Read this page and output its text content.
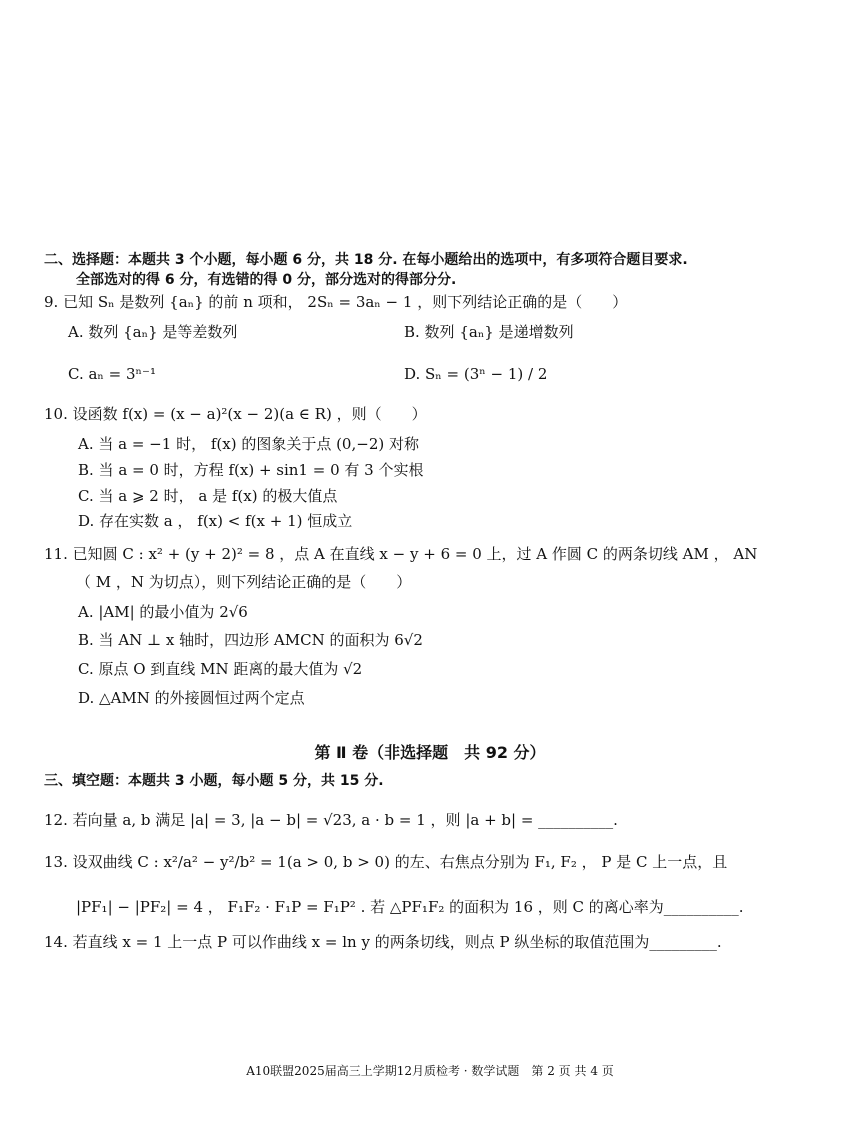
二、选择题：本题共 3 个小题，每小题 6 分，共 18 分. 在每小题给出的选项中，有多项符合题目要求.
全部选对的得 6 分，有选错的得 0 分，部分选对的得部分分.
9. 已知 Sₙ 是数列 {aₙ} 的前 n 项和， 2Sₙ = 3aₙ − 1 ，则下列结论正确的是（　　）
A. 数列 {aₙ} 是等差数列	B. 数列 {aₙ} 是递增数列
C. aₙ = 3ⁿ⁻¹	D. Sₙ = (3ⁿ − 1) / 2
10. 设函数 f(x) = (x − a)²(x − 2)(a ∈ R) ，则（　　）
A. 当 a = −1 时， f(x) 的图象关于点 (0,−2) 对称
B. 当 a = 0 时，方程 f(x) + sin1 = 0 有 3 个实根
C. 当 a ⩾ 2 时， a 是 f(x) 的极大值点
D. 存在实数 a ， f(x) < f(x + 1) 恒成立
11. 已知圆 C : x² + (y + 2)² = 8 ，点 A 在直线 x − y + 6 = 0 上，过 A 作圆 C 的两条切线 AM ， AN
（ M ，N 为切点），则下列结论正确的是（　　）
A. |AM| 的最小值为 2√6
B. 当 AN ⊥ x 轴时，四边形 AMCN 的面积为 6√2
C. 原点 O 到直线 MN 距离的最大值为 √2
D. △AMN 的外接圆恒过两个定点
第 Ⅱ 卷（非选择题　共 92 分）
三、填空题：本题共 3 小题，每小题 5 分，共 15 分.
12. 若向量 a, b 满足 |a| = 3, |a − b| = √23, a · b = 1 ，则 |a + b| = __________.
13. 设双曲线 C : x²/a² − y²/b² = 1(a > 0, b > 0) 的左、右焦点分别为 F₁, F₂ ， P 是 C 上一点，且
|PF₁| − |PF₂| = 4 ， F₁F₂ · F₁P = F₁P² . 若 △PF₁F₂ 的面积为 16 ，则 C 的离心率为__________.
14. 若直线 x = 1 上一点 P 可以作曲线 x = ln y 的两条切线，则点 P 纵坐标的取值范围为_________.
A10联盟2025届高三上学期12月质检考 · 数学试题　第 2 页 共 4 页
